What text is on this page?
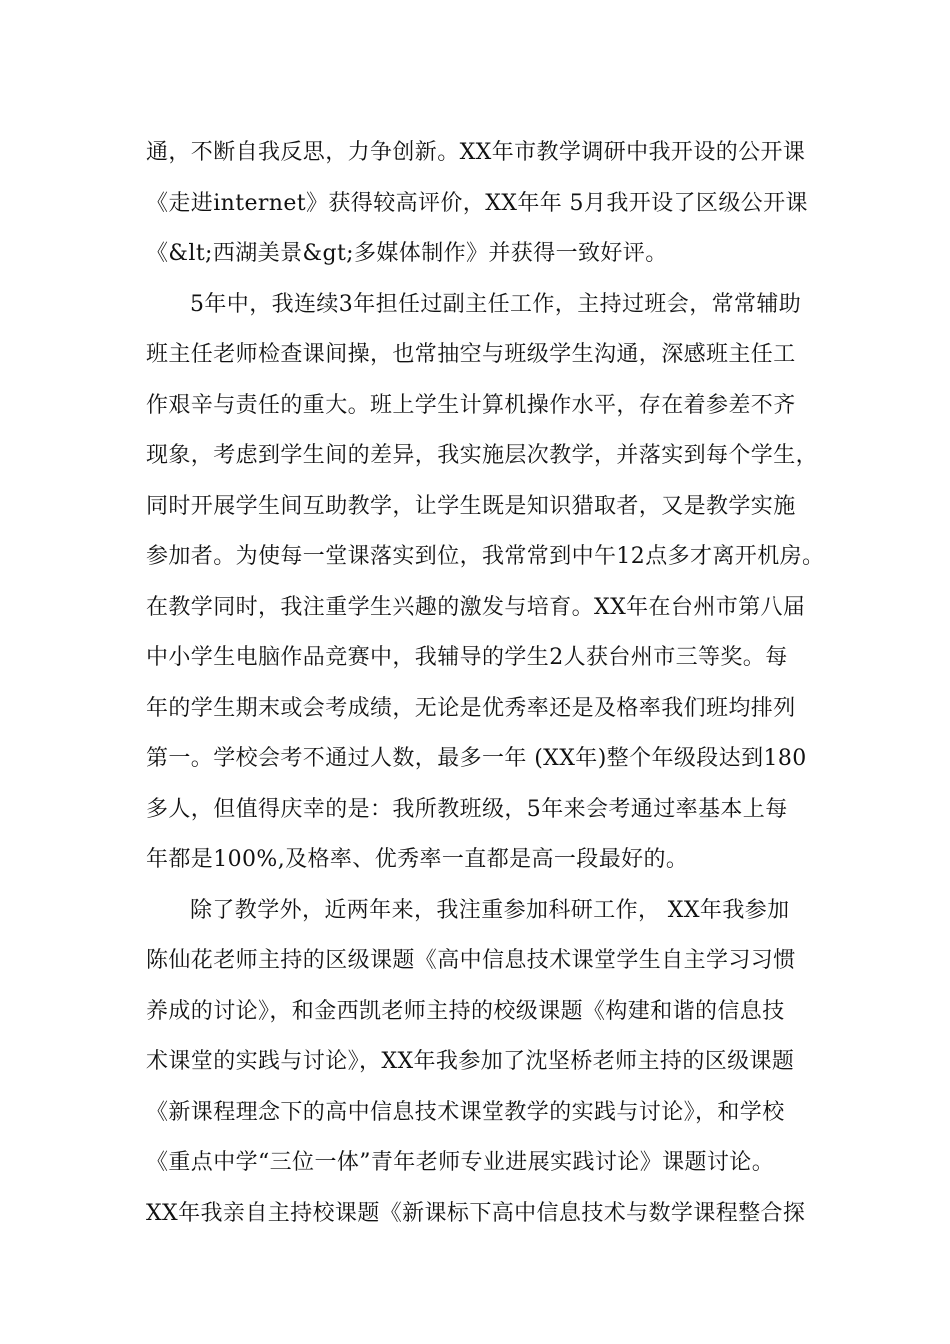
通，不断自我反思，力争创新。XX年市教学调研中我开设的公开课
《走进internet》获得较高评价，XX年年 5月我开设了区级公开课
《&lt;西湖美景&gt;多媒体制作》并获得一致好评。
5年中，我连续3年担任过副主任工作，主持过班会，常常辅助
班主任老师检查课间操，也常抽空与班级学生沟通，深感班主任工
作艰辛与责任的重大。班上学生计算机操作水平，存在着参差不齐
现象，考虑到学生间的差异，我实施层次教学，并落实到每个学生，
同时开展学生间互助教学，让学生既是知识猎取者，又是教学实施
参加者。为使每一堂课落实到位，我常常到中午12点多才离开机房。
在教学同时，我注重学生兴趣的激发与培育。XX年在台州市第八届
中小学生电脑作品竞赛中，我辅导的学生2人获台州市三等奖。每
年的学生期末或会考成绩，无论是优秀率还是及格率我们班均排列
第一。学校会考不通过人数，最多一年 (XX年)整个年级段达到180
多人，但值得庆幸的是：我所教班级，5年来会考通过率基本上每
年都是100%,及格率、优秀率一直都是高一段最好的。
除了教学外，近两年来，我注重参加科研工作， XX年我参加
陈仙花老师主持的区级课题《高中信息技术课堂学生自主学习习惯
养成的讨论》，和金西凯老师主持的校级课题《构建和谐的信息技
术课堂的实践与讨论》，XX年我参加了沈坚桥老师主持的区级课题
《新课程理念下的高中信息技术课堂教学的实践与讨论》，和学校
《重点中学“三位一体”青年老师专业进展实践讨论》课题讨论。
XX年我亲自主持校课题《新课标下高中信息技术与数学课程整合探
